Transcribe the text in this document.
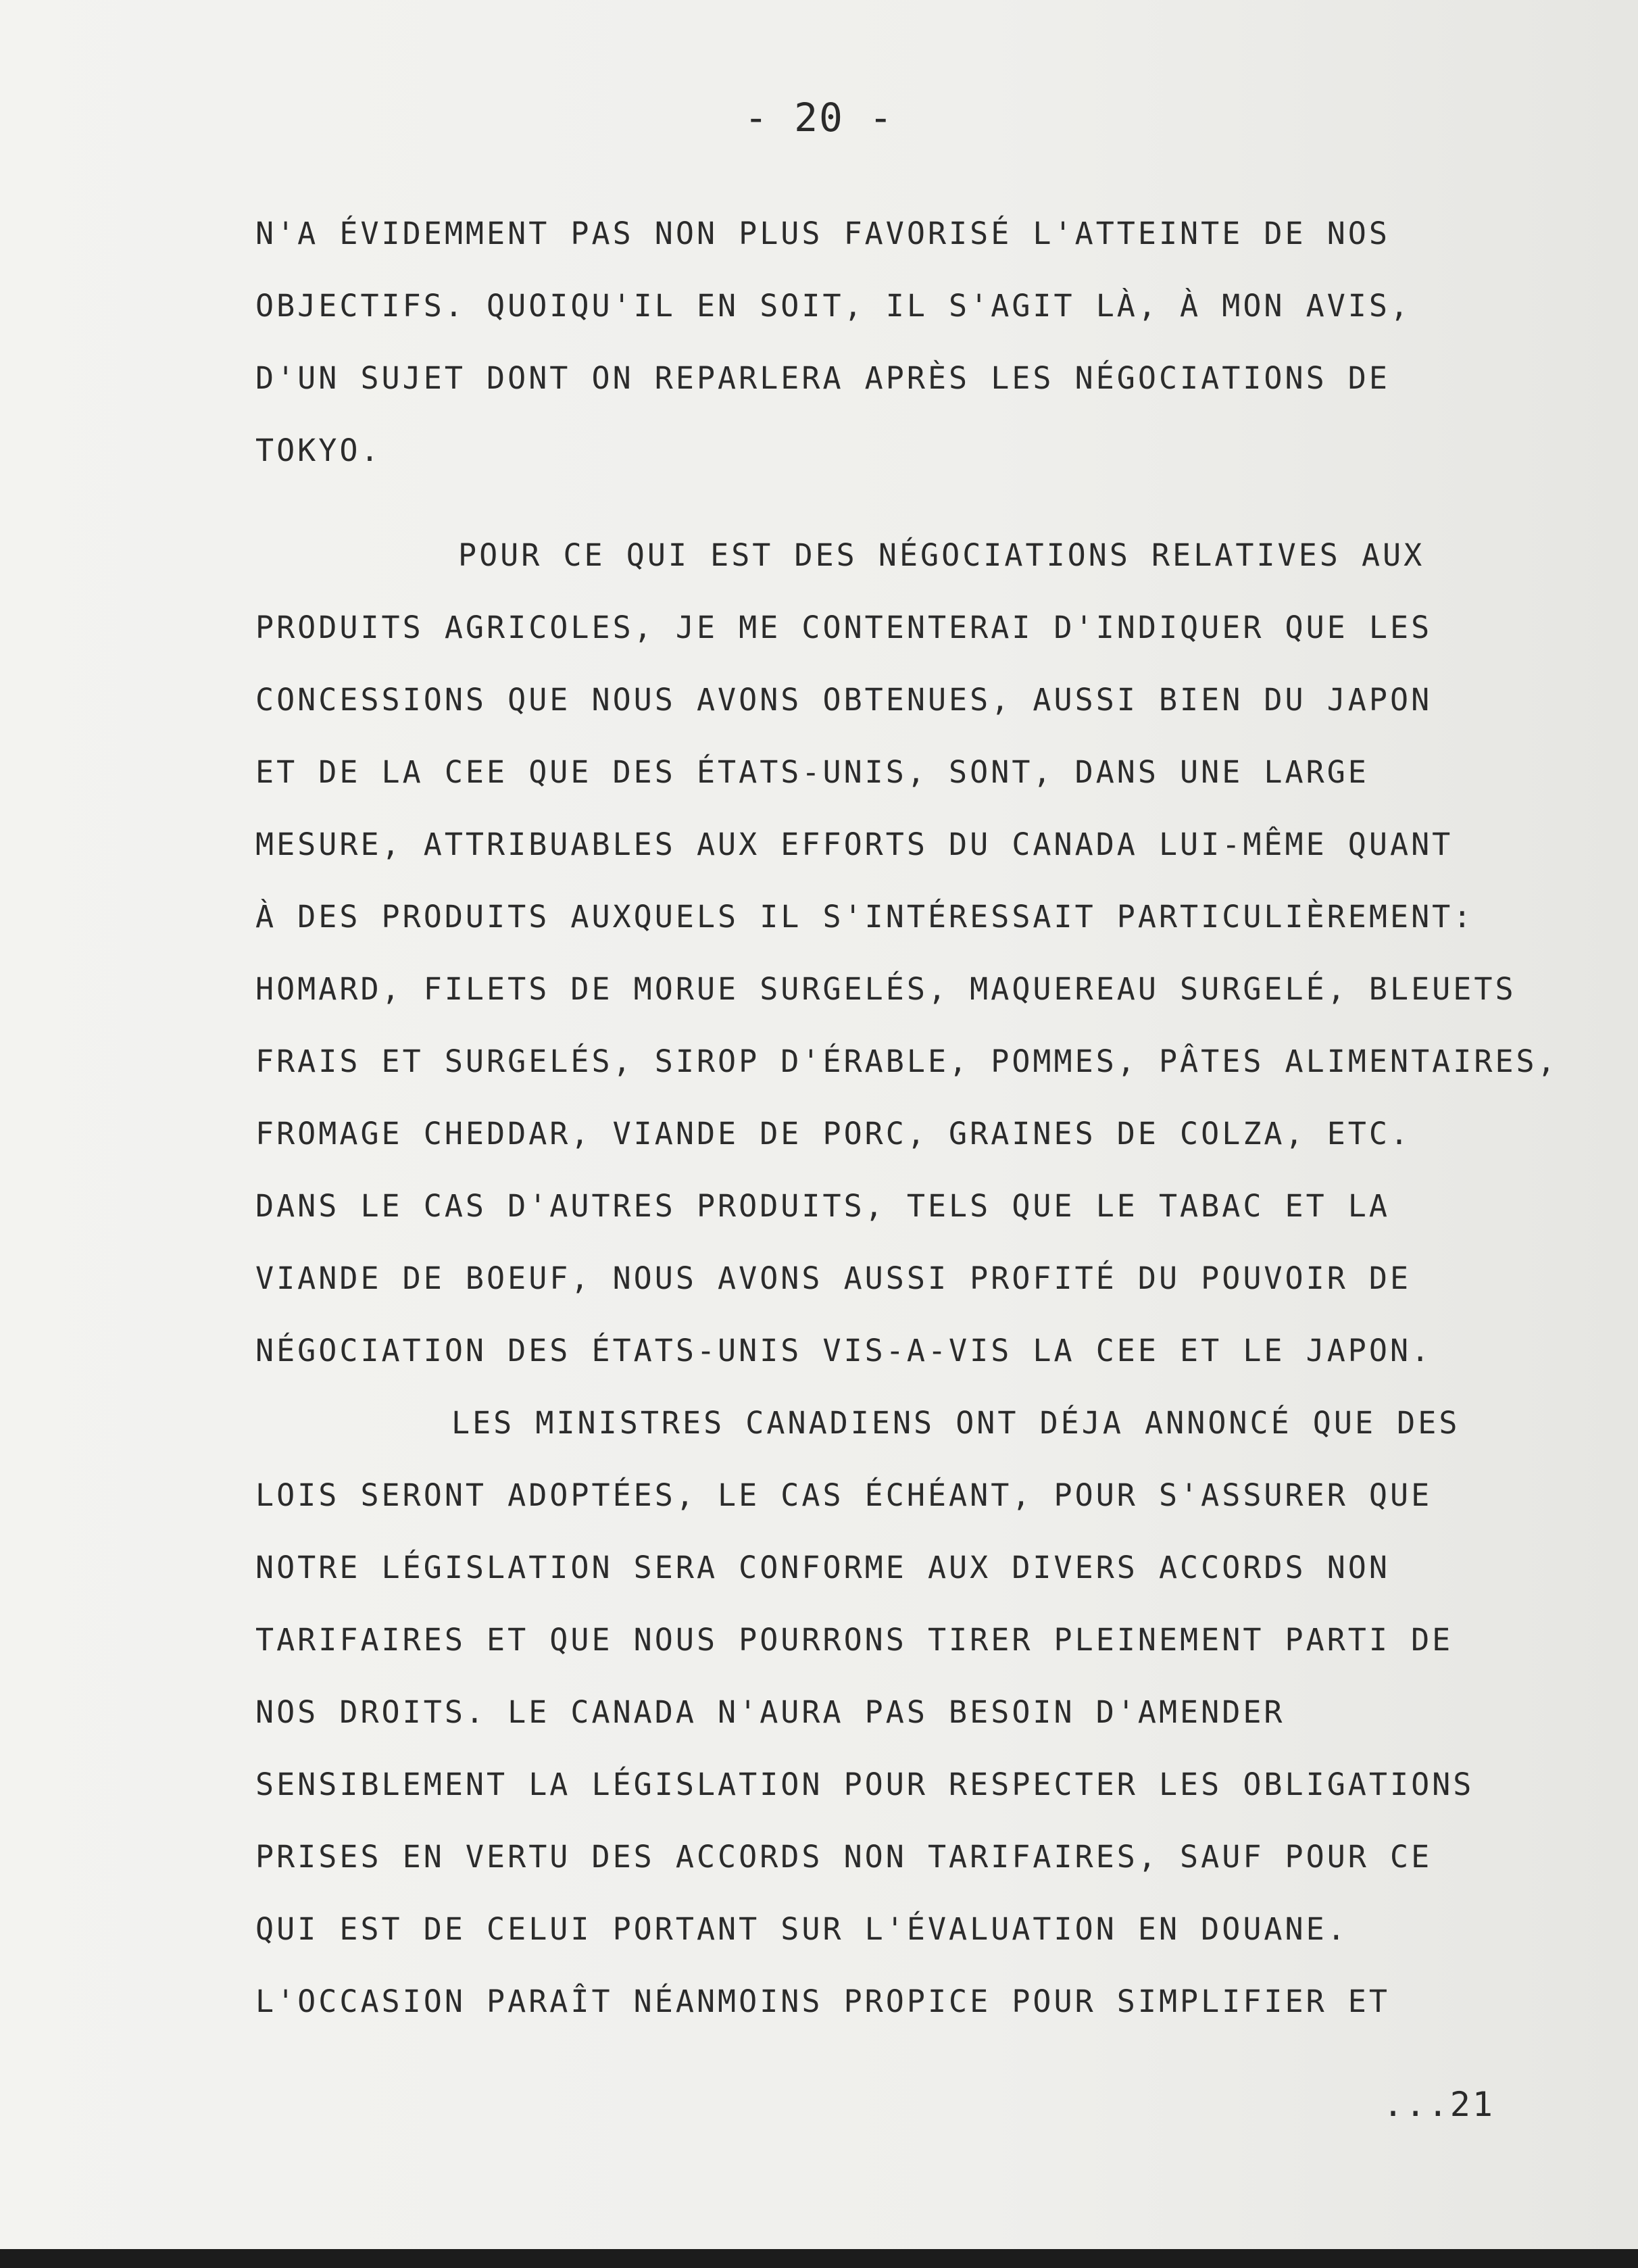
- 20 -
N'A ÉVIDEMMENT PAS NON PLUS FAVORISÉ L'ATTEINTE DE NOS
OBJECTIFS. QUOIQU'IL EN SOIT, IL S'AGIT LÀ, À MON AVIS,
D'UN SUJET DONT ON REPARLERA APRÈS LES NÉGOCIATIONS DE
TOKYO.
POUR CE QUI EST DES NÉGOCIATIONS RELATIVES AUX
PRODUITS AGRICOLES, JE ME CONTENTERAI D'INDIQUER QUE LES
CONCESSIONS QUE NOUS AVONS OBTENUES, AUSSI BIEN DU JAPON
ET DE LA CEE QUE DES ÉTATS-UNIS, SONT, DANS UNE LARGE
MESURE, ATTRIBUABLES AUX EFFORTS DU CANADA LUI-MÊME QUANT
À DES PRODUITS AUXQUELS IL S'INTÉRESSAIT PARTICULIÈREMENT:
HOMARD, FILETS DE MORUE SURGELÉS, MAQUEREAU SURGELÉ, BLEUETS
FRAIS ET SURGELÉS, SIROP D'ÉRABLE, POMMES, PÂTES ALIMENTAIRES,
FROMAGE CHEDDAR, VIANDE DE PORC, GRAINES DE COLZA, ETC.
DANS LE CAS D'AUTRES PRODUITS, TELS QUE LE TABAC ET LA
VIANDE DE BOEUF, NOUS AVONS AUSSI PROFITÉ DU POUVOIR DE
NÉGOCIATION DES ÉTATS-UNIS VIS-A-VIS LA CEE ET LE JAPON.
LES MINISTRES CANADIENS ONT DÉJA ANNONCÉ QUE DES
LOIS SERONT ADOPTÉES, LE CAS ÉCHÉANT, POUR S'ASSURER QUE
NOTRE LÉGISLATION SERA CONFORME AUX DIVERS ACCORDS NON
TARIFAIRES ET QUE NOUS POURRONS TIRER PLEINEMENT PARTI DE
NOS DROITS. LE CANADA N'AURA PAS BESOIN D'AMENDER
SENSIBLEMENT LA LÉGISLATION POUR RESPECTER LES OBLIGATIONS
PRISES EN VERTU DES ACCORDS NON TARIFAIRES, SAUF POUR CE
QUI EST DE CELUI PORTANT SUR L'ÉVALUATION EN DOUANE.
L'OCCASION PARAÎT NÉANMOINS PROPICE POUR SIMPLIFIER ET
...21
